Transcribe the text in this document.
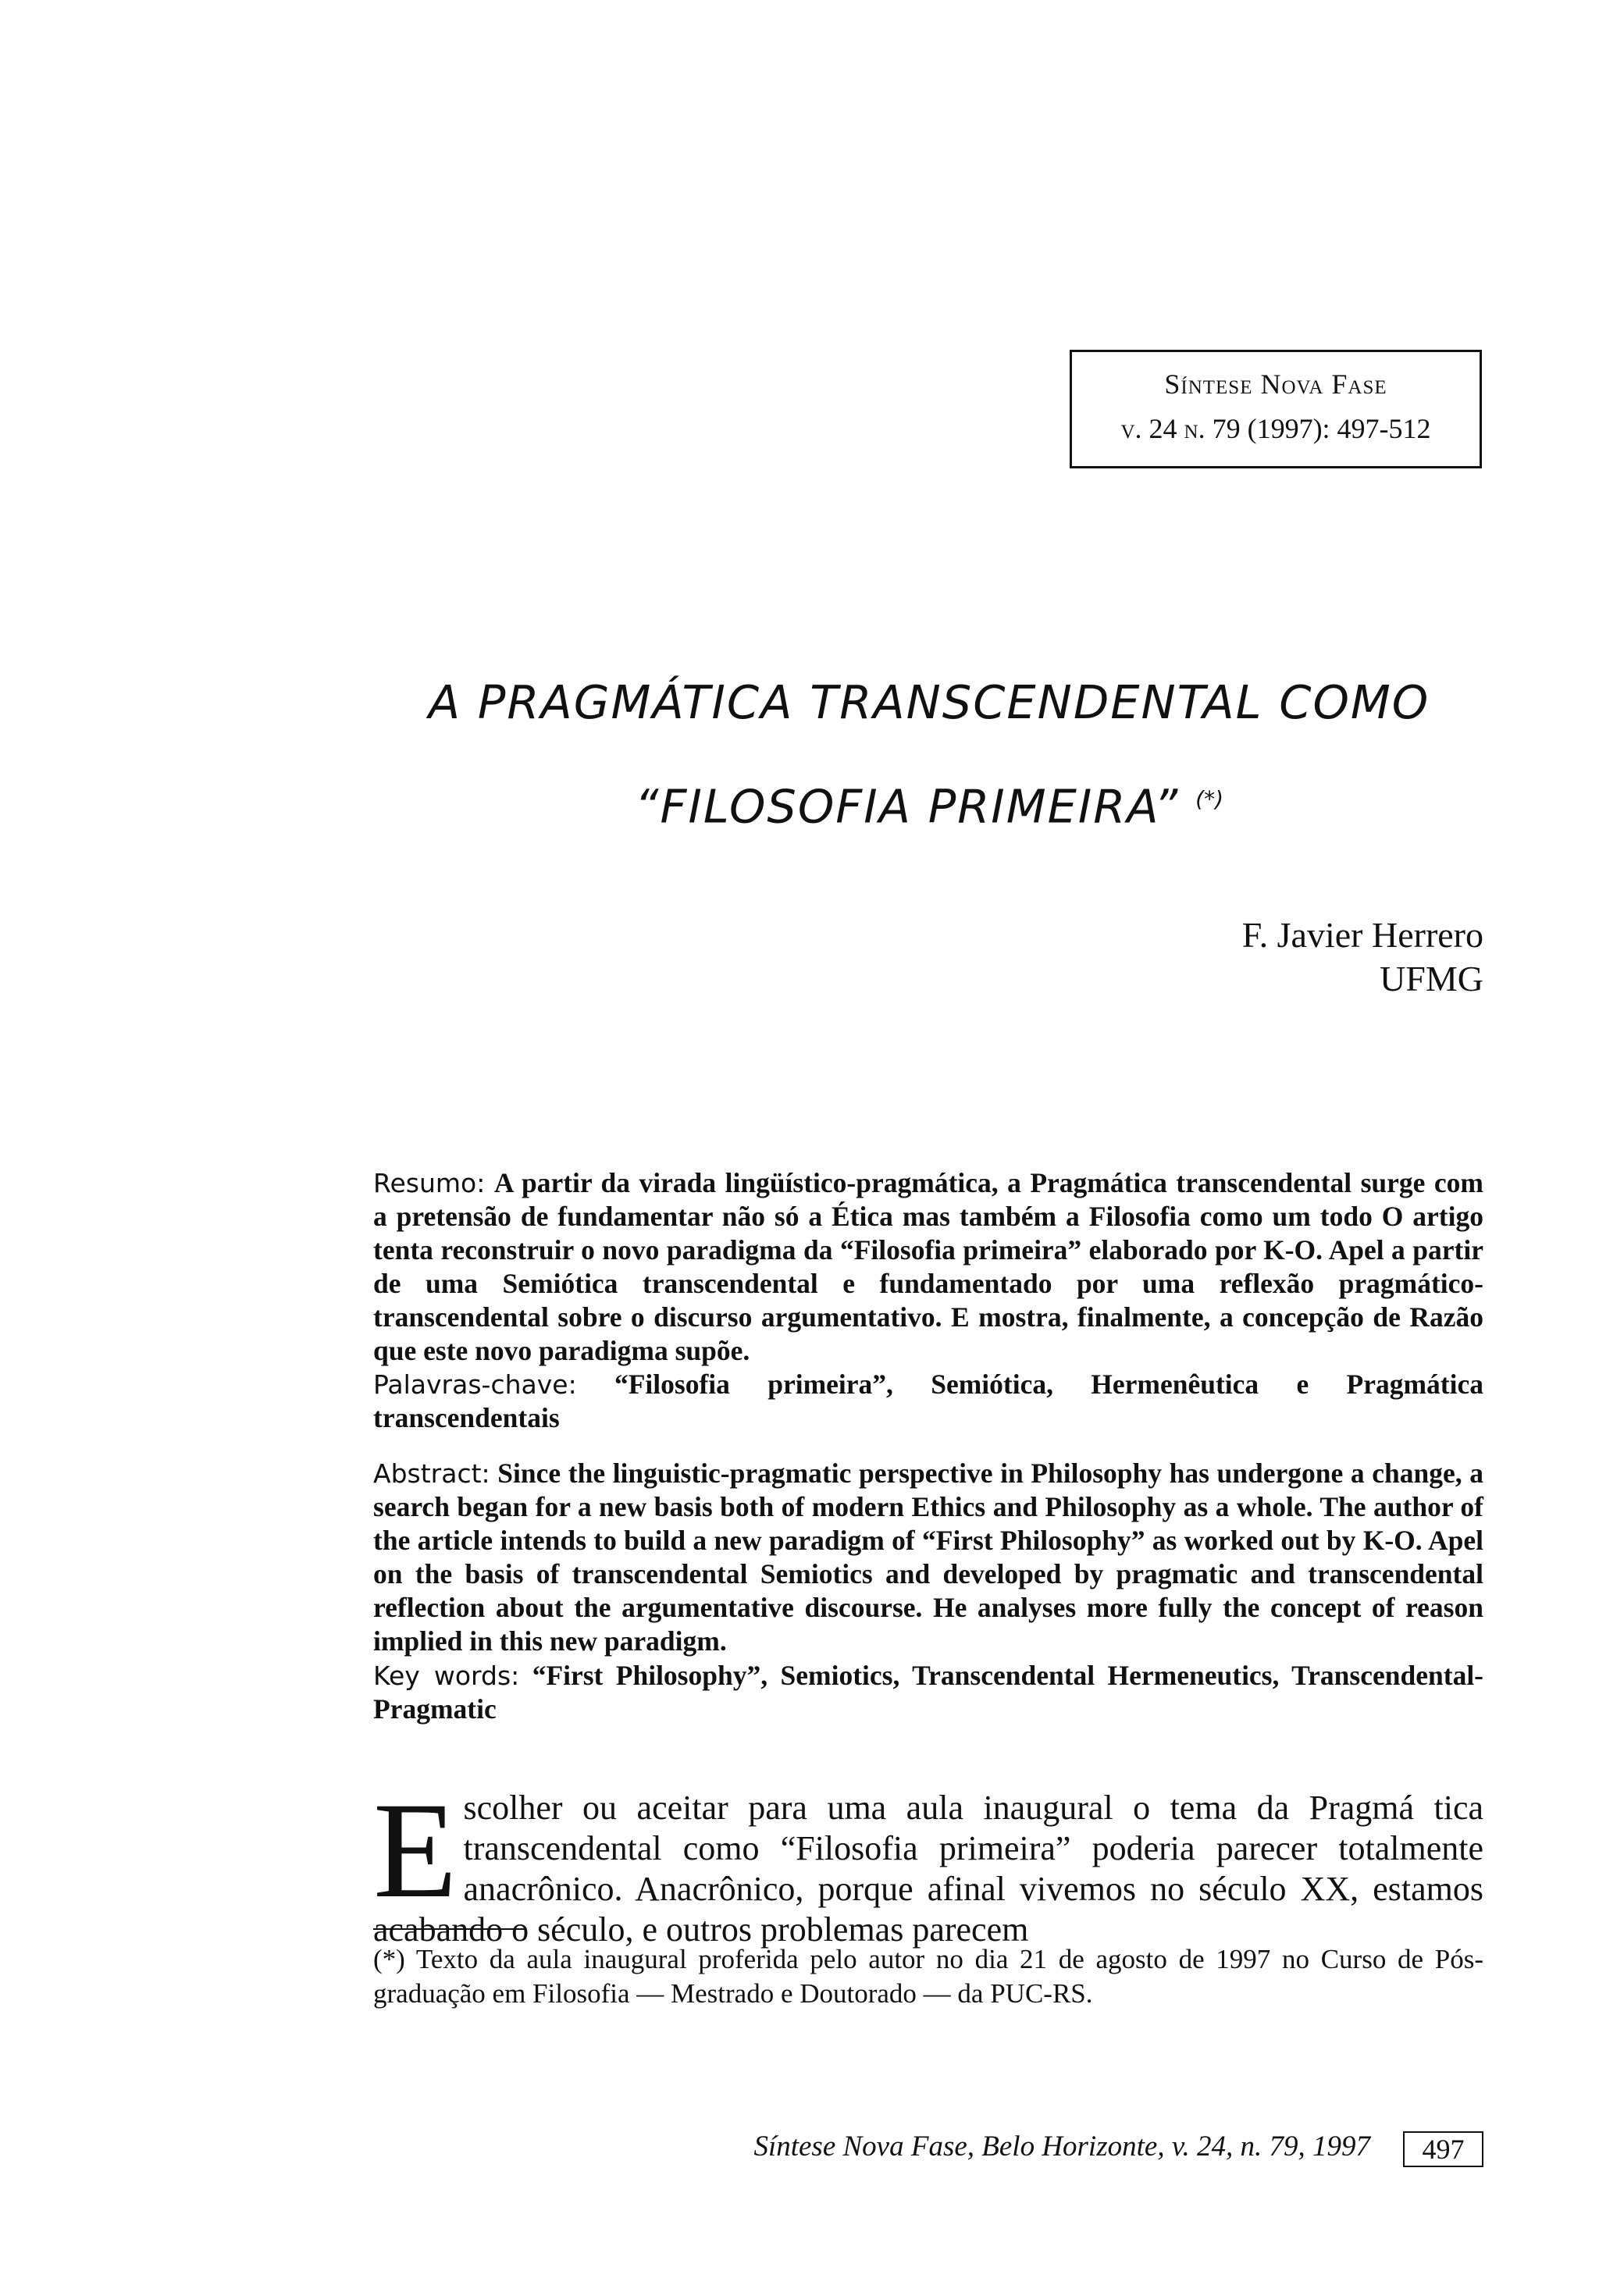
Síntese Nova Fase
v. 24 n. 79 (1997): 497-512
A PRAGMÁTICA TRANSCENDENTAL COMO
“FILOSOFIA PRIMEIRA” (*)
F. Javier Herrero
UFMG
Resumo: A partir da virada lingüístico-pragmática, a Pragmática transcendental surge com a pretensão de fundamentar não só a Ética mas também a Filosofia como um todo O artigo tenta reconstruir o novo paradigma da “Filosofia primeira” elaborado por K-O. Apel a partir de uma Semiótica transcendental e fundamentado por uma reflexão pragmático-transcendental sobre o discurso argumentativo. E mostra, finalmente, a concepção de Razão que este novo paradigma supõe.
Palavras-chave: “Filosofia primeira”, Semiótica, Hermenêutica e Pragmática transcendentais
Abstract: Since the linguistic-pragmatic perspective in Philosophy has undergone a change, a search began for a new basis both of modern Ethics and Philosophy as a whole. The author of the article intends to build a new paradigm of “First Philosophy” as worked out by K-O. Apel on the basis of transcendental Semiotics and developed by pragmatic and transcendental reflection about the argumentative discourse. He analyses more fully the concept of reason implied in this new paradigm.
Key words: “First Philosophy”, Semiotics, Transcendental Hermeneutics, Transcendental-Pragmatic
Escolher ou aceitar para uma aula inaugural o tema da Pragmá tica transcendental como “Filosofia primeira” poderia parecer totalmente anacrônico. Anacrônico, porque afinal vivemos no século XX, estamos acabando o século, e outros problemas parecem
(*) Texto da aula inaugural proferida pelo autor no dia 21 de agosto de 1997 no Curso de Pós-graduação em Filosofia — Mestrado e Doutorado — da PUC-RS.
Síntese Nova Fase, Belo Horizonte, v. 24, n. 79, 1997	497
